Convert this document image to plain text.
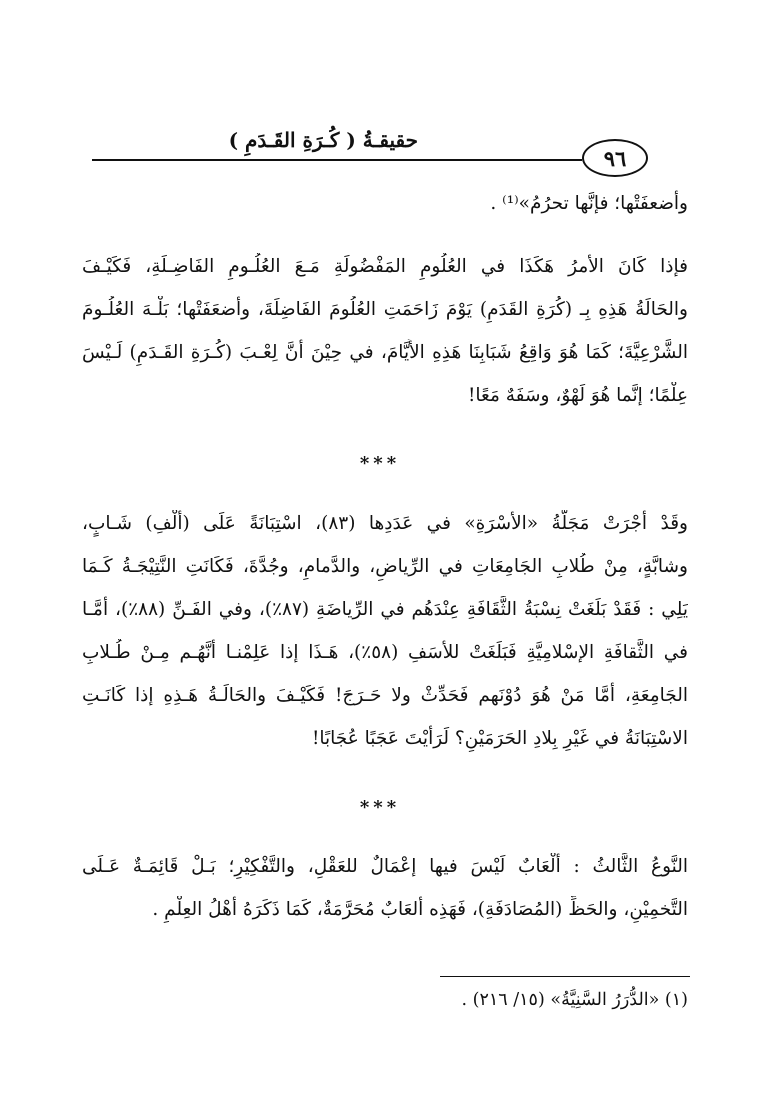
حقيقـةُ ( كُـرَةِ القَـدَمِ )
٩٦
وأضعفَتْها؛ فإنَّها تحرُمُ»⁽¹⁾ .
فإذا كَانَ الأمرُ هَكَذَا في العُلُومِ المَفْضُولَةِ مَـعَ العُلُـومِ الفَاضِـلَةِ، فَكَيْـفَ
والحَالَةُ هَذِهِ بِـ (كُرَةِ القَدَمِ) يَوْمَ زَاحَمَتِ العُلُومَ الفَاضِلَةَ، وأضعَفَتْها؛ بَلْـهَ العُلُـومَ
الشَّرْعِيَّةَ؛ كَمَا هُوَ وَاقِعُ شَبَابِنَا هَذِهِ الأَيَّامَ، في حِيْنَ أنَّ لِعْـبَ (كُـرَةِ القَـدَمِ) لَـيْسَ
عِلْمًا؛ إنَّما هُوَ لَهْوٌ، وسَفَهٌ مَعًا!
***
وقَدْ أجْرَتْ مَجَلَّةُ «الأسْرَةِ» في عَدَدِها (٨٣)، اسْتِبَانَةً عَلَى (ألْفِ) شَـابٍ،
وشابَّةٍ، مِنْ طُلابِ الجَامِعَاتِ في الرِّياضِ، والدَّمامِ، وجُدَّةَ، فَكَانَتِ النَّتِيْجَـةُ كَـمَا
يَلِي : فَقَدْ بَلَغَتْ نِسْبَةُ الثَّقَافَةِ عِنْدَهُم في الرِّياضَةِ (٨٧٪)، وفي الفَـنِّ (٨٨٪)، أمَّـا
في الثَّقافَةِ الإسْلامِيَّةِ فَبَلَغَتْ للأسَفِ (٥٨٪)، هَـذَا إذا عَلِمْنـا أنَّهُـم مِـنْ طُـلابِ
الجَامِعَةِ، أمَّا مَنْ هُوَ دُوْنَهم فَحَدِّثْ ولا حَـرَجَ! فَكَيْـفَ والحَالَـةُ هَـذِهِ إذا كَانَـتِ
الاسْتِبَانَةُ في غَيْرِ بِلادِ الحَرَمَيْنِ؟ لَرَأيْتَ عَجَبًا عُجَابًا!
***
النَّوعُ الثَّالثُ : ألْعَابٌ لَيْسَ فيها إعْمَالٌ للعَقْلِ، والتَّفْكِيْرِ؛ بَـلْ قَائِمَـةٌ عَـلَى
التَّخمِيْنِ، والحَظِّ (المُصَادَفَةِ)، فَهَذِه ألعَابٌ مُحَرَّمَةٌ، كَمَا ذَكَرَهُ أهْلُ العِلْمِ .
(١) «الدُّرَرُ السَّنِيَّةُ» (١٥/ ٢١٦) .
